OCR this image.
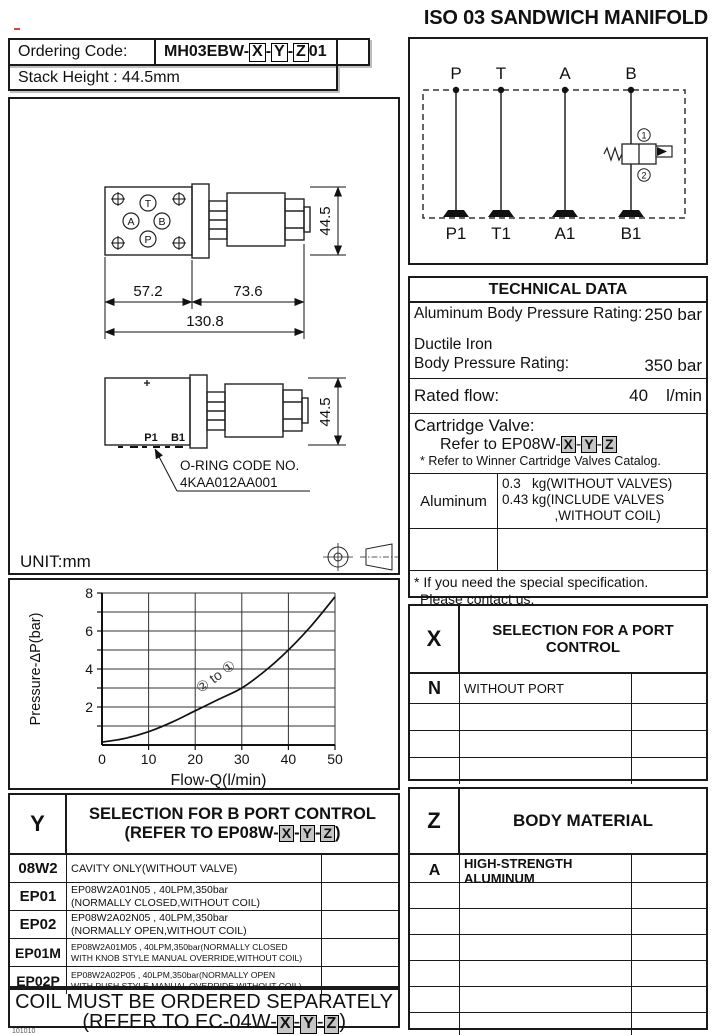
ISO 03 SANDWICH MANIFOLD
Ordering Code:	MH03EBW- X - Y - Z 01
Stack Height : 44.5mm
T
A B
P
44.5
57.2	73.6
130.8
P1 B1
44.5
O-RING CODE NO.
4KAA012AA001
UNIT:mm
2
4
6
8
0 10 20 30 40 50
Pressure-ΔP(bar)
Flow-Q(l/min)
② to ①
Y	SELECTION FOR B PORT CONTROL
(REFER TO EP08W- X - Y - Z )
08W2	CAVITY ONLY(WITHOUT VALVE)
EP01	EP08W2A01N05 , 40LPM,350bar
(NORMALLY CLOSED,WITHOUT COIL)
EP02	EP08W2A02N05 , 40LPM,350bar
(NORMALLY OPEN,WITHOUT COIL)
EP01M	EP08W2A01M05 , 40LPM,350bar(NORMALLY CLOSED
WITH KNOB STYLE MANUAL OVERRIDE,WITHOUT COIL)
EP02P	EP08W2A02P05 , 40LPM,350bar(NORMALLY OPEN
WITH PUSH STYLE MANUAL OVERRIDE,WITHOUT COIL)
COIL MUST BE ORDERED SEPARATELY
(REFER TO EC-04W- X - Y - Z )
101010
P T	A	B
P1 T1	A1	B1
1
2
TECHNICAL DATA
Aluminum Body Pressure Rating: 250 bar
Ductile Iron
Body Pressure Rating:	350 bar
Rated flow:	40 l/min
Cartridge Valve:
Refer to EP08W- X - Y - Z
* Refer to Winner Cartridge Valves Catalog.
Aluminum
0.3   kg(WITHOUT VALVES)
0.43 kg(INCLUDE VALVES
,WITHOUT COIL)
* If you need the special specification.
Please contact us.
X	SELECTION FOR A PORT CONTROL
N	WITHOUT PORT
Z	BODY MATERIAL
A	HIGH-STRENGTH ALUMINUM
